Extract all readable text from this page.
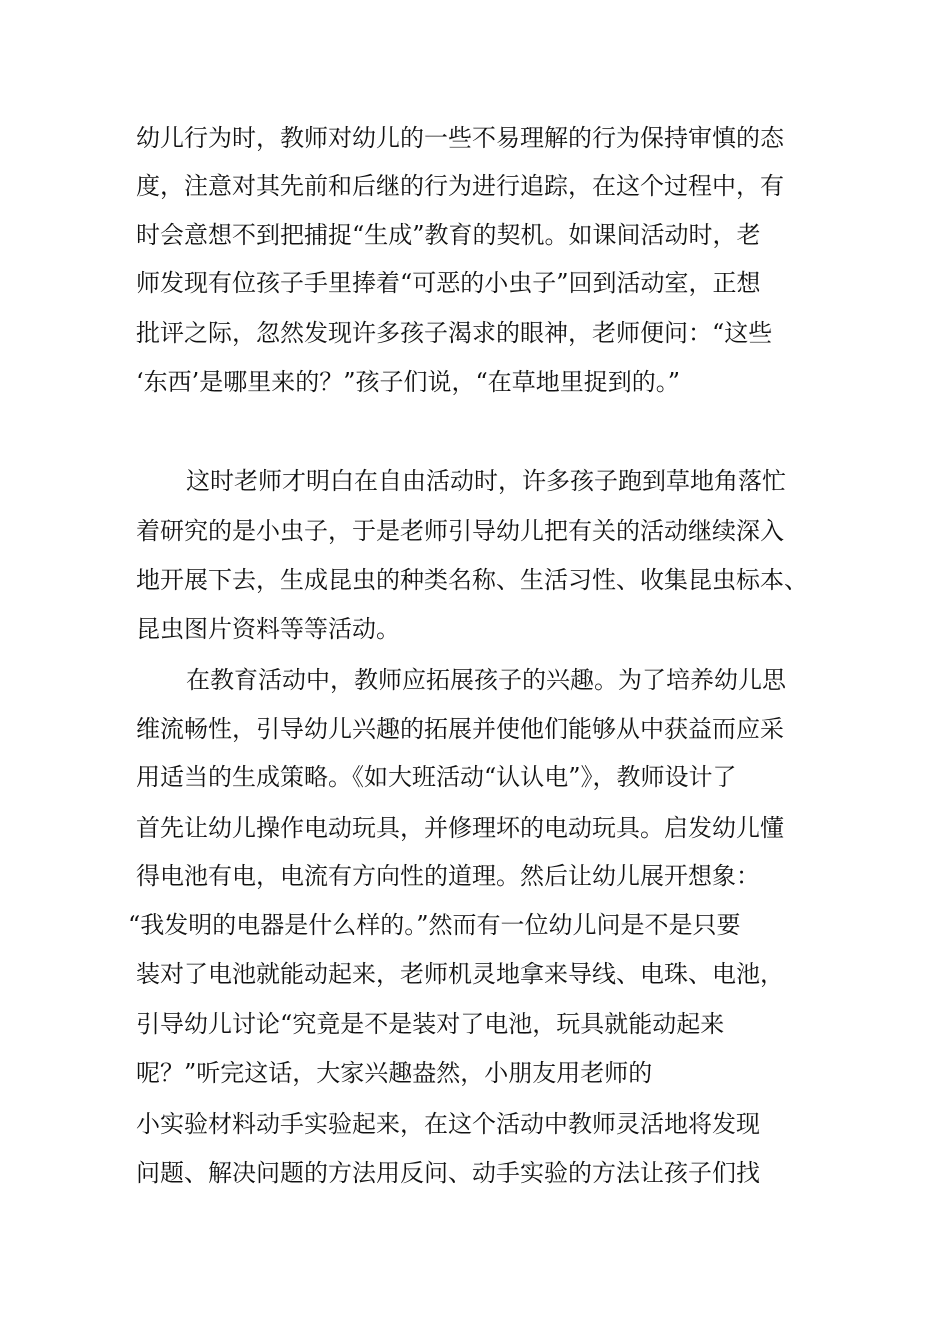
幼儿行为时，教师对幼儿的一些不易理解的行为保持审慎的态
度，注意对其先前和后继的行为进行追踪，在这个过程中，有
时会意想不到把捕捉“生成”教育的契机。如课间活动时，老
师发现有位孩子手里捧着“可恶的小虫子”回到活动室，正想
批评之际，忽然发现许多孩子渴求的眼神，老师便问：“这些
‘东西’是哪里来的？”孩子们说，“在草地里捉到的。”
这时老师才明白在自由活动时，许多孩子跑到草地角落忙
着研究的是小虫子，于是老师引导幼儿把有关的活动继续深入
地开展下去，生成昆虫的种类名称、生活习性、收集昆虫标本、
昆虫图片资料等等活动。
在教育活动中，教师应拓展孩子的兴趣。为了培养幼儿思
维流畅性，引导幼儿兴趣的拓展并使他们能够从中获益而应采
用适当的生成策略。《如大班活动“认认电”》，教师设计了
首先让幼儿操作电动玩具，并修理坏的电动玩具。启发幼儿懂
得电池有电，电流有方向性的道理。然后让幼儿展开想象：
“我发明的电器是什么样的。”然而有一位幼儿问是不是只要
装对了电池就能动起来，老师机灵地拿来导线、电珠、电池，
引导幼儿讨论“究竟是不是装对了电池，玩具就能动起来
呢？”听完这话，大家兴趣盎然，小朋友用老师的
小实验材料动手实验起来，在这个活动中教师灵活地将发现
问题、解决问题的方法用反问、动手实验的方法让孩子们找
